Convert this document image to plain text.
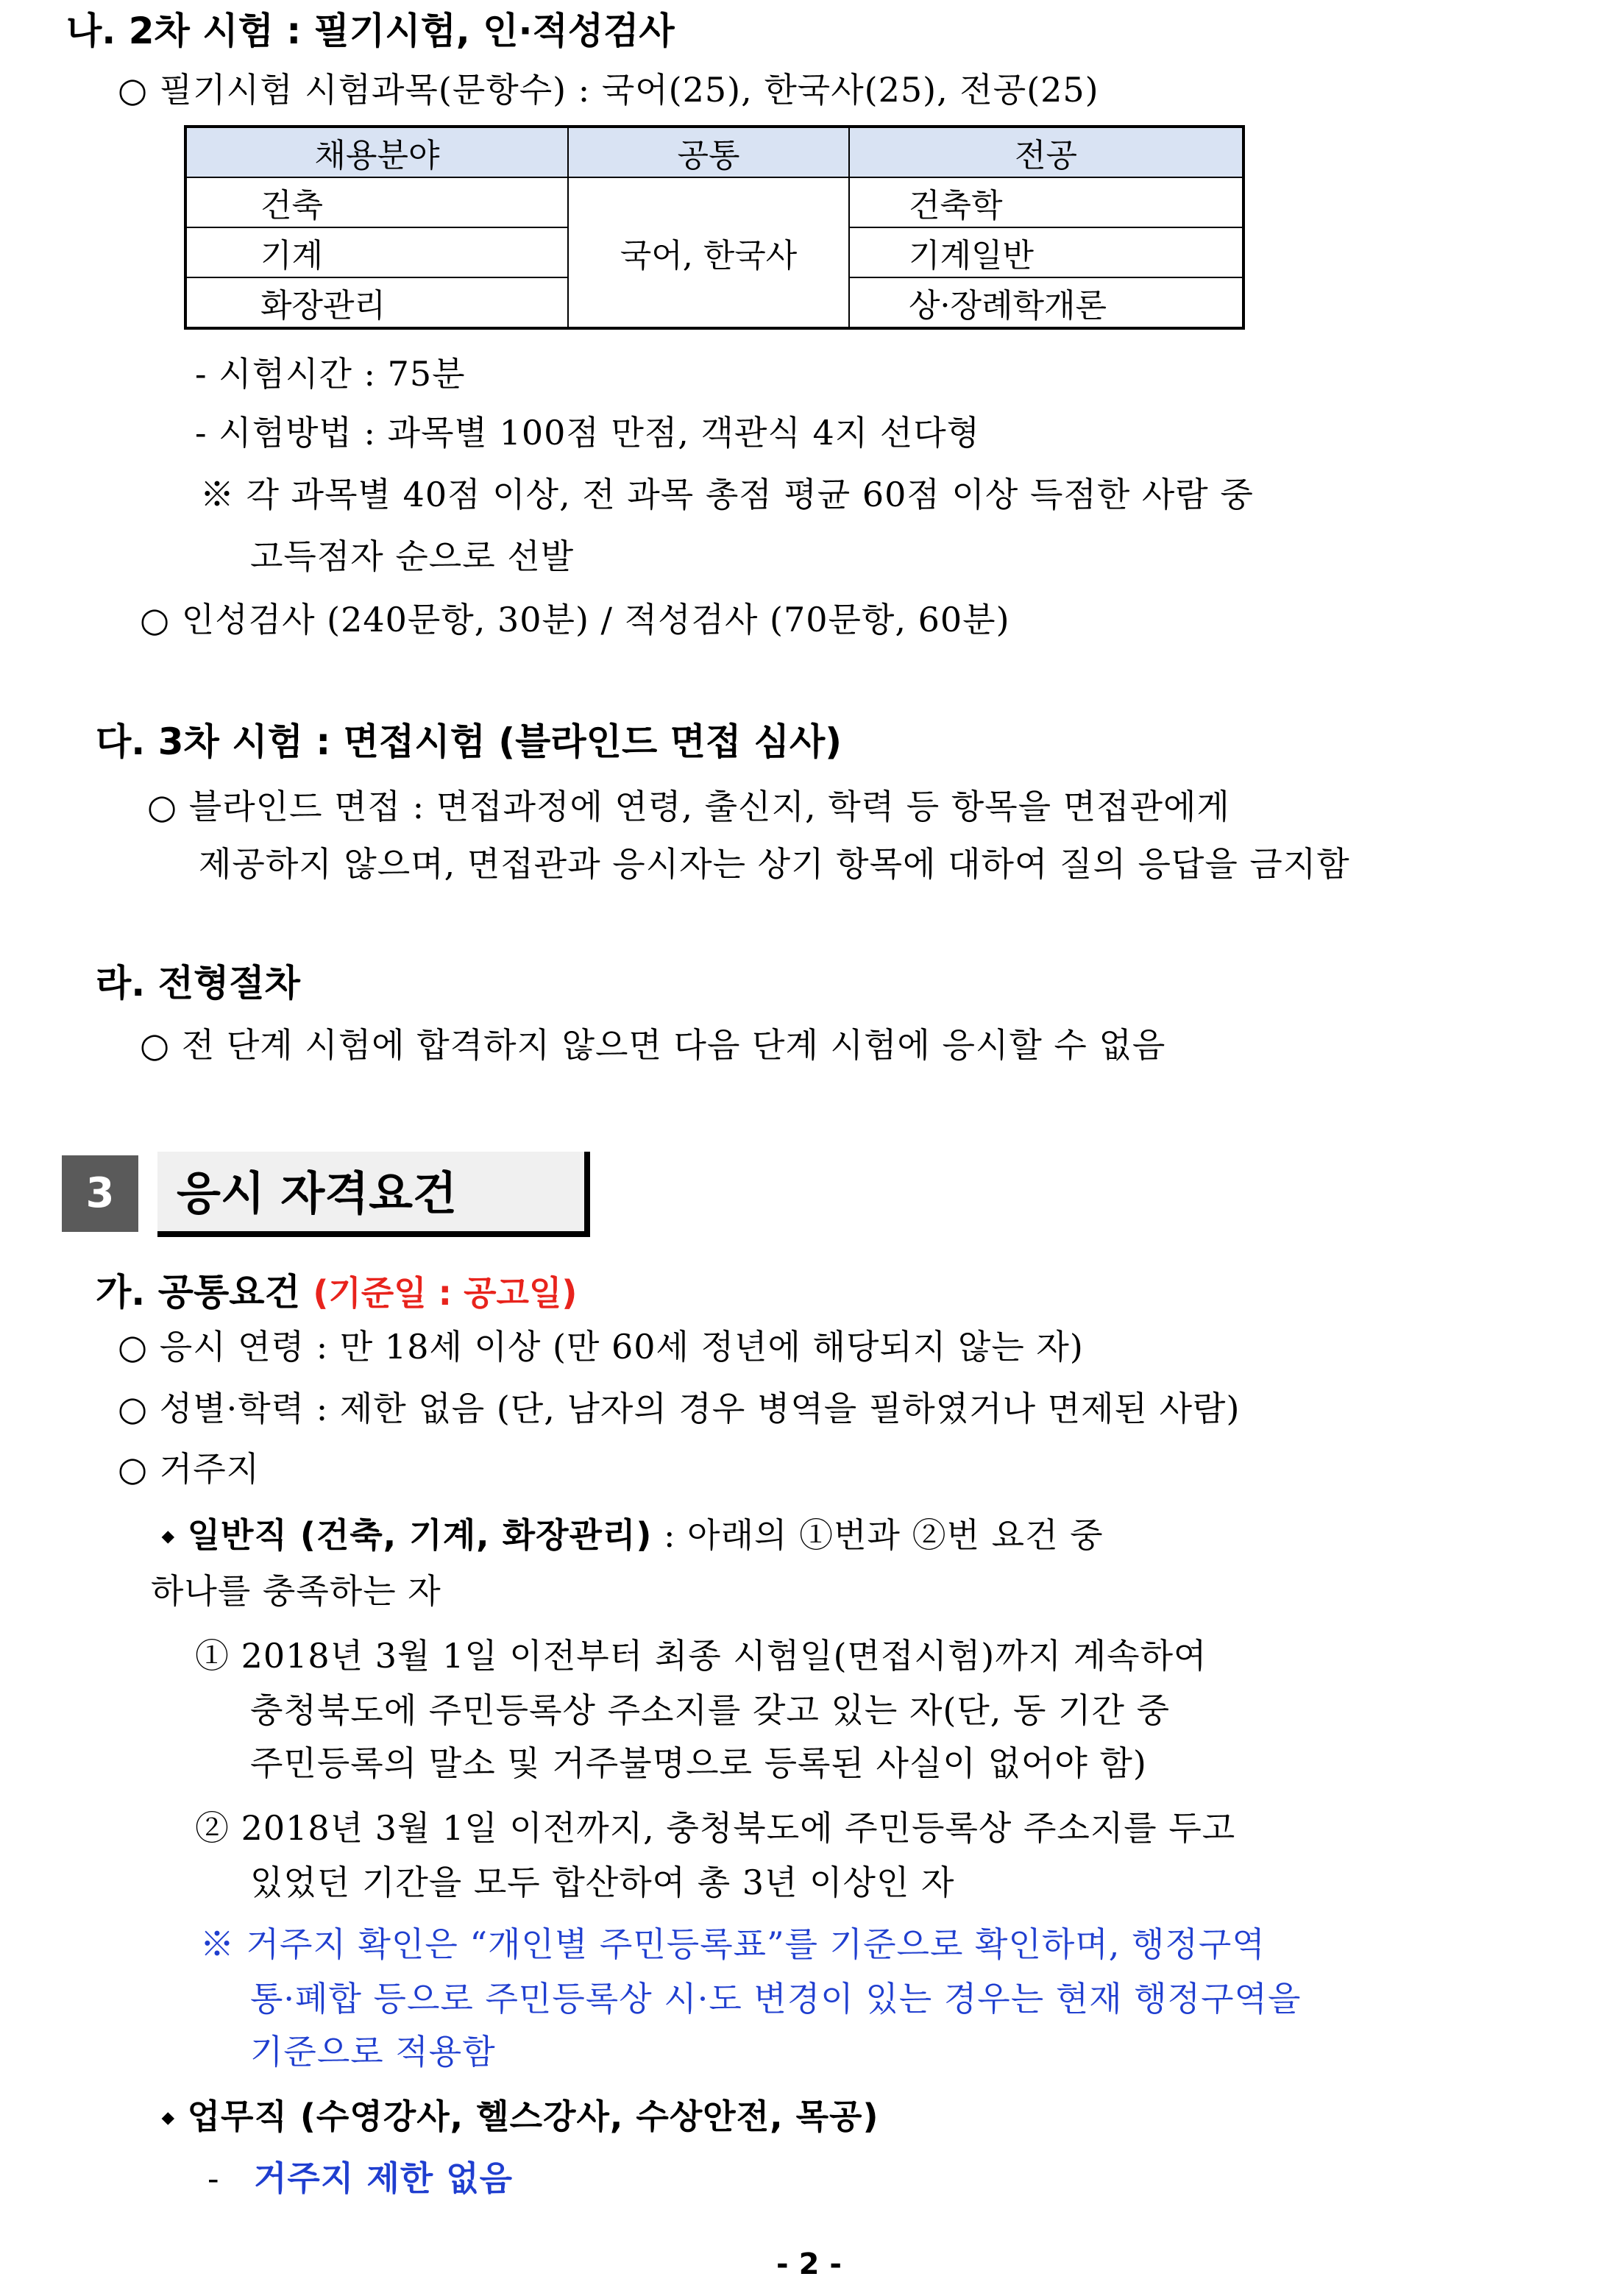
나. 2차 시험 : 필기시험, 인·적성검사
○ 필기시험 시험과목(문항수) : 국어(25), 한국사(25), 전공(25)
채용분야	공통	전공
건축	국어, 한국사	건축학
기계		기계일반
화장관리		상·장례학개론
- 시험시간 : 75분
- 시험방법 : 과목별 100점 만점, 객관식 4지 선다형
※ 각 과목별 40점 이상, 전 과목 총점 평균 60점 이상 득점한 사람 중
고득점자 순으로 선발
○ 인성검사 (240문항, 30분) / 적성검사 (70문항, 60분)
다. 3차 시험 : 면접시험 (블라인드 면접 심사)
○ 블라인드 면접 : 면접과정에 연령, 출신지, 학력 등 항목을 면접관에게
제공하지 않으며, 면접관과 응시자는 상기 항목에 대하여 질의 응답을 금지함
라. 전형절차
○ 전 단계 시험에 합격하지 않으면 다음 단계 시험에 응시할 수 없음
3	응시 자격요건
가. 공통요건 (기준일 : 공고일)
○ 응시 연령 : 만 18세 이상 (만 60세 정년에 해당되지 않는 자)
○ 성별·학력 : 제한 없음 (단, 남자의 경우 병역을 필하였거나 면제된 사람)
○ 거주지
⬩ 일반직 (건축, 기계, 화장관리) : 아래의 ①번과 ②번 요건 중
하나를 충족하는 자
① 2018년 3월 1일 이전부터 최종 시험일(면접시험)까지 계속하여
충청북도에 주민등록상 주소지를 갖고 있는 자(단, 동 기간 중
주민등록의 말소 및 거주불명으로 등록된 사실이 없어야 함)
② 2018년 3월 1일 이전까지, 충청북도에 주민등록상 주소지를 두고
있었던 기간을 모두 합산하여 총 3년 이상인 자
※ 거주지 확인은 “개인별 주민등록표”를 기준으로 확인하며, 행정구역
통·폐합 등으로 주민등록상 시·도 변경이 있는 경우는 현재 행정구역을
기준으로 적용함
⬩ 업무직 (수영강사, 헬스강사, 수상안전, 목공)
- 거주지 제한 없음
- 2 -
